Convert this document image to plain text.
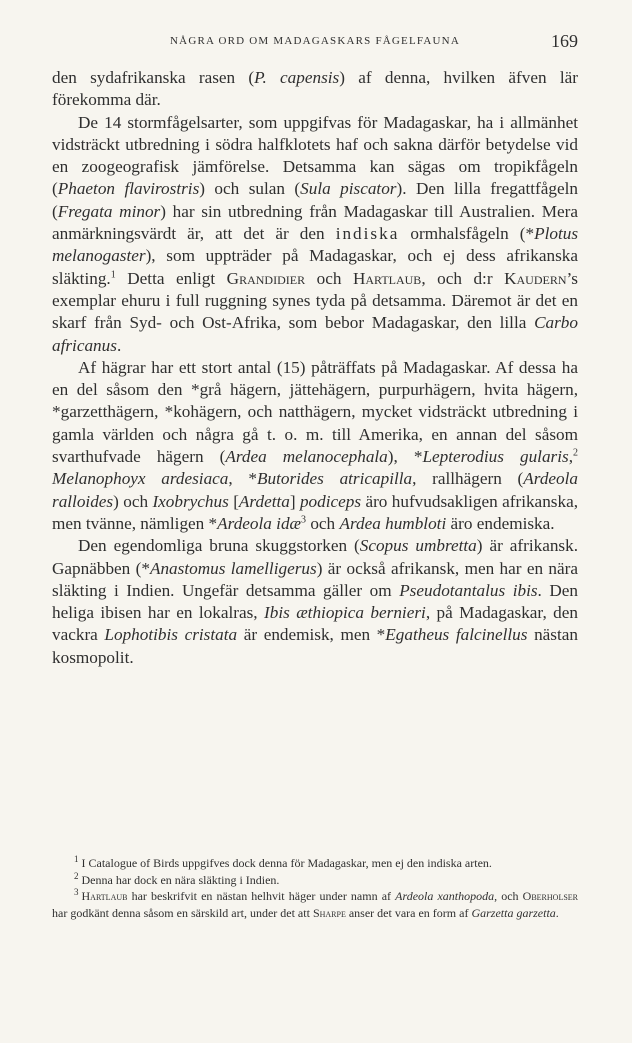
NÅGRA ORD OM MADAGASKARS FÅGELFAUNA	169

den sydafrikanska rasen (P. capensis) af denna, hvilken äfven lär förekomma där.

De 14 stormfågelsarter, som uppgifvas för Madagaskar, ha i allmänhet vidsträckt utbredning i södra halfklotets haf och sakna därför betydelse vid en zoogeografisk jämförelse. Detsamma kan sägas om tropikfågeln (Phaeton flavirostris) och sulan (Sula piscator). Den lilla fregattfågeln (Fregata minor) har sin utbredning från Madagaskar till Australien. Mera anmärkningsvärdt är, att det är den indiska ormhalsfågeln (*Plotus melanogaster), som uppträder på Madagaskar, och ej dess afrikanska släkting.$^1$ Detta enligt Grandidier och Hartlaub, och d:r Kaudern’s exemplar ehuru i full ruggning synes tyda på detsamma. Däremot är det en skarf från Syd- och Ost-Afrika, som bebor Madagaskar, den lilla Carbo africanus.

Af hägrar har ett stort antal (15) påträffats på Madagaskar. Af dessa ha en del såsom den *grå hägern, jättehägern, purpurhägern, hvita hägern, *garzetthägern, *kohägern, och natthägern, mycket vidsträckt utbredning i gamla världen och några gå t. o. m. till Amerika, en annan del såsom svarthufvade hägern (Ardea melanocephala), *Lepterodius gularis,$^2$ Melanophoyx ardesiaca, *Butorides atricapilla, rallhägern (Ardeola ralloides) och Ixobrychus [Ardetta] podiceps äro hufvudsakligen afrikanska, men tvänne, nämligen *Ardeola idæ$^3$ och Ardea humbloti äro endemiska.

Den egendomliga bruna skuggstorken (Scopus umbretta) är afrikansk. Gapnäbben (*Anastomus lamelligerus) är också afrikansk, men har en nära släkting i Indien. Ungefär detsamma gäller om Pseudotantalus ibis. Den heliga ibisen har en lokalras, Ibis æthiopica bernieri, på Madagaskar, den vackra Lophotibis cristata är endemisk, men *Egatheus falcinellus nästan kosmopolit.

$^1$ I Catalogue of Birds uppgifves dock denna för Madagaskar, men ej den indiska arten.

$^2$ Denna har dock en nära släkting i Indien.

$^3$ Hartlaub har beskrifvit en nästan helhvit häger under namn af Ardeola xanthopoda, och Oberholser har godkänt denna såsom en särskild art, under det att Sharpe anser det vara en form af Garzetta garzetta.
